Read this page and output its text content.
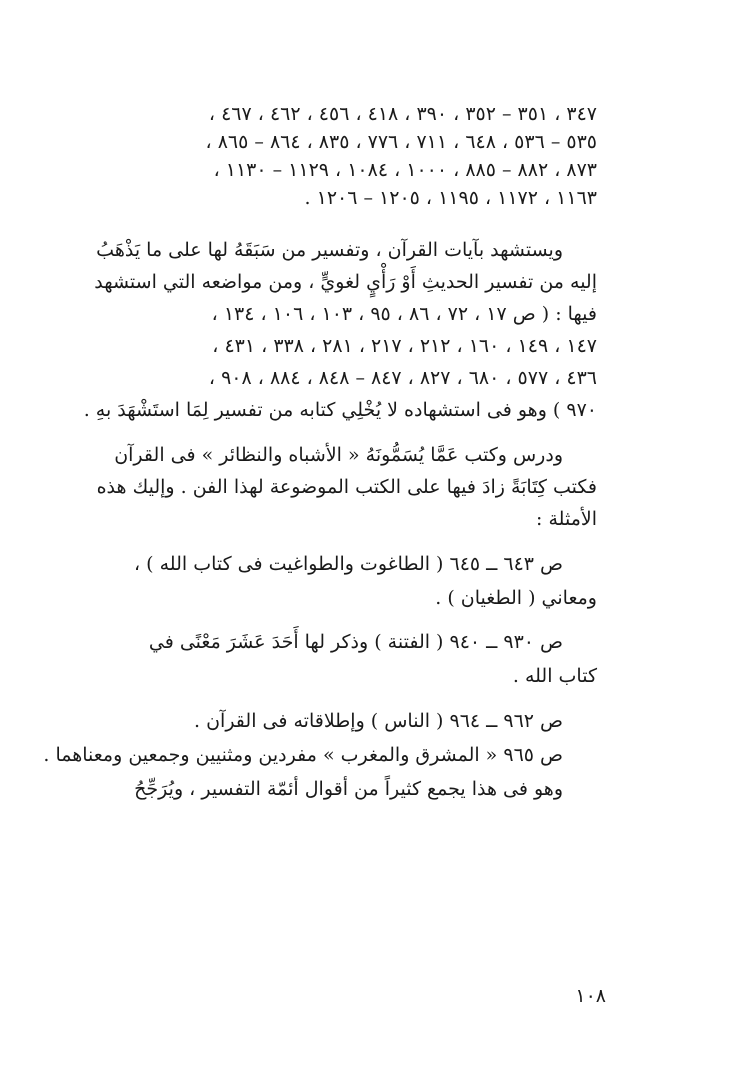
٣٤٧ ، ٣٥١ – ٣٥٢ ، ٣٩٠ ، ٤١٨ ، ٤٥٦ ، ٤٦٢ ، ٤٦٧ ،
٥٣٥ – ٥٣٦ ، ٦٤٨ ، ٧١١ ، ٧٧٦ ، ٨٣٥ ، ٨٦٤ – ٨٦٥ ،
٨٧٣ ، ٨٨٢ – ٨٨٥ ، ١٠٠٠ ، ١٠٨٤ ، ١١٢٩ – ١١٣٠ ،
١١٦٣ ، ١١٧٢ ، ١١٩٥ ، ١٢٠٥ – ١٢٠٦ .
ويستشهد بآيات القرآن ، وتفسير من سَبَقَهُ لها على ما يَذْهَبُ
إليه من تفسير الحديثِ أَوْ رَأْيٍ لغويٍّ ، ومن مواضعه التي استشهد
فيها : ( ص ١٧ ، ٧٢ ، ٨٦ ، ٩٥ ، ١٠٣ ، ١٠٦ ، ١٣٤ ،
١٤٧ ، ١٤٩ ، ١٦٠ ، ٢١٢ ، ٢١٧ ، ٢٨١ ، ٣٣٨ ، ٤٣١ ،
٤٣٦ ، ٥٧٧ ، ٦٨٠ ، ٨٢٧ ، ٨٤٧ – ٨٤٨ ، ٨٨٤ ، ٩٠٨ ،
٩٧٠ ) وهو فى استشهاده لا يُخْلِي كتابه من تفسير لِمَا استَشْهَدَ بهِ .
ودرس وكتب عَمَّا يُسَمُّونَهُ « الأشباه والنظائر » فى القرآن
فكتب كِتَابَةً زادَ فيها على الكتب الموضوعة لهذا الفن . وإليك هذه
الأمثلة :
ص ٦٤٣ ــ ٦٤٥ ( الطاغوت والطواغيت فى كتاب الله ) ،
ومعاني ( الطغيان ) .
ص ٩٣٠ ــ ٩٤٠ ( الفتنة ) وذكر لها أَحَدَ عَشَرَ مَعْنًى في
كتاب الله .
ص ٩٦٢ ــ ٩٦٤ ( الناس ) وإطلاقاته فى القرآن .
ص ٩٦٥ « المشرق والمغرب » مفردين ومثنيين وجمعين ومعناهما .
وهو فى هذا يجمع كثيراً من أقوال أئمّة التفسير ، ويُرَجِّحُ
١٠٨
